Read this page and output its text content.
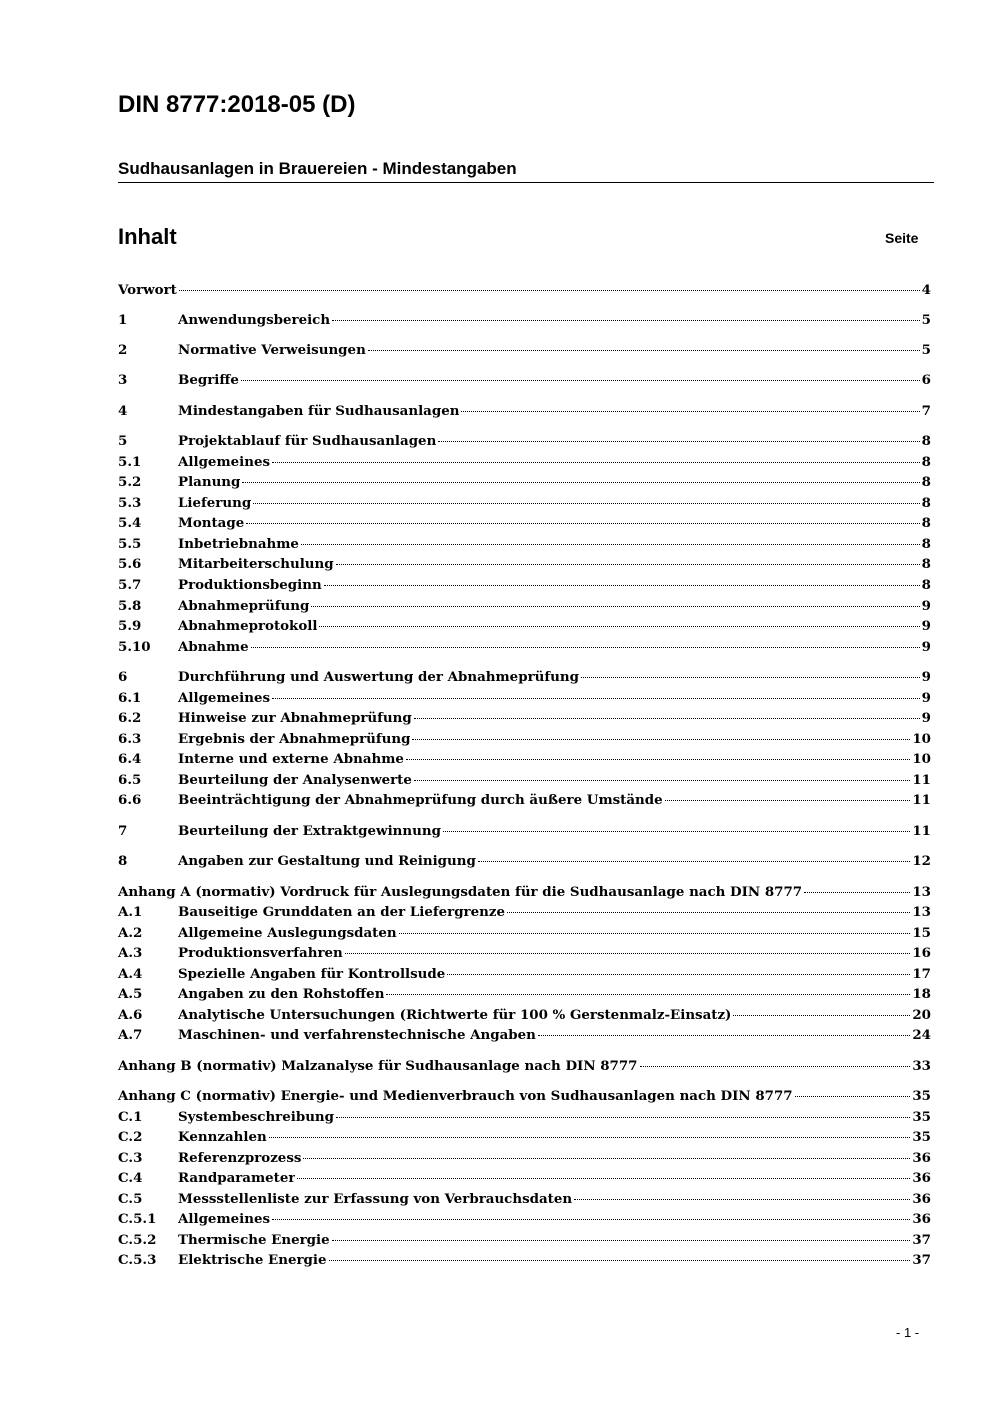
DIN 8777:2018-05 (D)
Sudhausanlagen in Brauereien - Mindestangaben
Inhalt	Seite
Vorwort	4
1	Anwendungsbereich	5
2	Normative Verweisungen	5
3	Begriffe	6
4	Mindestangaben für Sudhausanlagen	7
5	Projektablauf für Sudhausanlagen	8
5.1	Allgemeines	8
5.2	Planung	8
5.3	Lieferung	8
5.4	Montage	8
5.5	Inbetriebnahme	8
5.6	Mitarbeiterschulung	8
5.7	Produktionsbeginn	8
5.8	Abnahmeprüfung	9
5.9	Abnahmeprotokoll	9
5.10	Abnahme	9
6	Durchführung und Auswertung der Abnahmeprüfung	9
6.1	Allgemeines	9
6.2	Hinweise zur Abnahmeprüfung	9
6.3	Ergebnis der Abnahmeprüfung	10
6.4	Interne und externe Abnahme	10
6.5	Beurteilung der Analysenwerte	11
6.6	Beeinträchtigung der Abnahmeprüfung durch äußere Umstände	11
7	Beurteilung der Extraktgewinnung	11
8	Angaben zur Gestaltung und Reinigung	12
Anhang A (normativ) Vordruck für Auslegungsdaten für die Sudhausanlage nach DIN 8777	13
A.1	Bauseitige Grunddaten an der Liefergrenze	13
A.2	Allgemeine Auslegungsdaten	15
A.3	Produktionsverfahren	16
A.4	Spezielle Angaben für Kontrollsude	17
A.5	Angaben zu den Rohstoffen	18
A.6	Analytische Untersuchungen (Richtwerte für 100 % Gerstenmalz-Einsatz)	20
A.7	Maschinen- und verfahrenstechnische Angaben	24
Anhang B (normativ) Malzanalyse für Sudhausanlage nach DIN 8777	33
Anhang C (normativ) Energie- und Medienverbrauch von Sudhausanlagen nach DIN 8777	35
C.1	Systembeschreibung	35
C.2	Kennzahlen	35
C.3	Referenzprozess	36
C.4	Randparameter	36
C.5	Messstellenliste zur Erfassung von Verbrauchsdaten	36
C.5.1	Allgemeines	36
C.5.2	Thermische Energie	37
C.5.3	Elektrische Energie	37
- 1 -
